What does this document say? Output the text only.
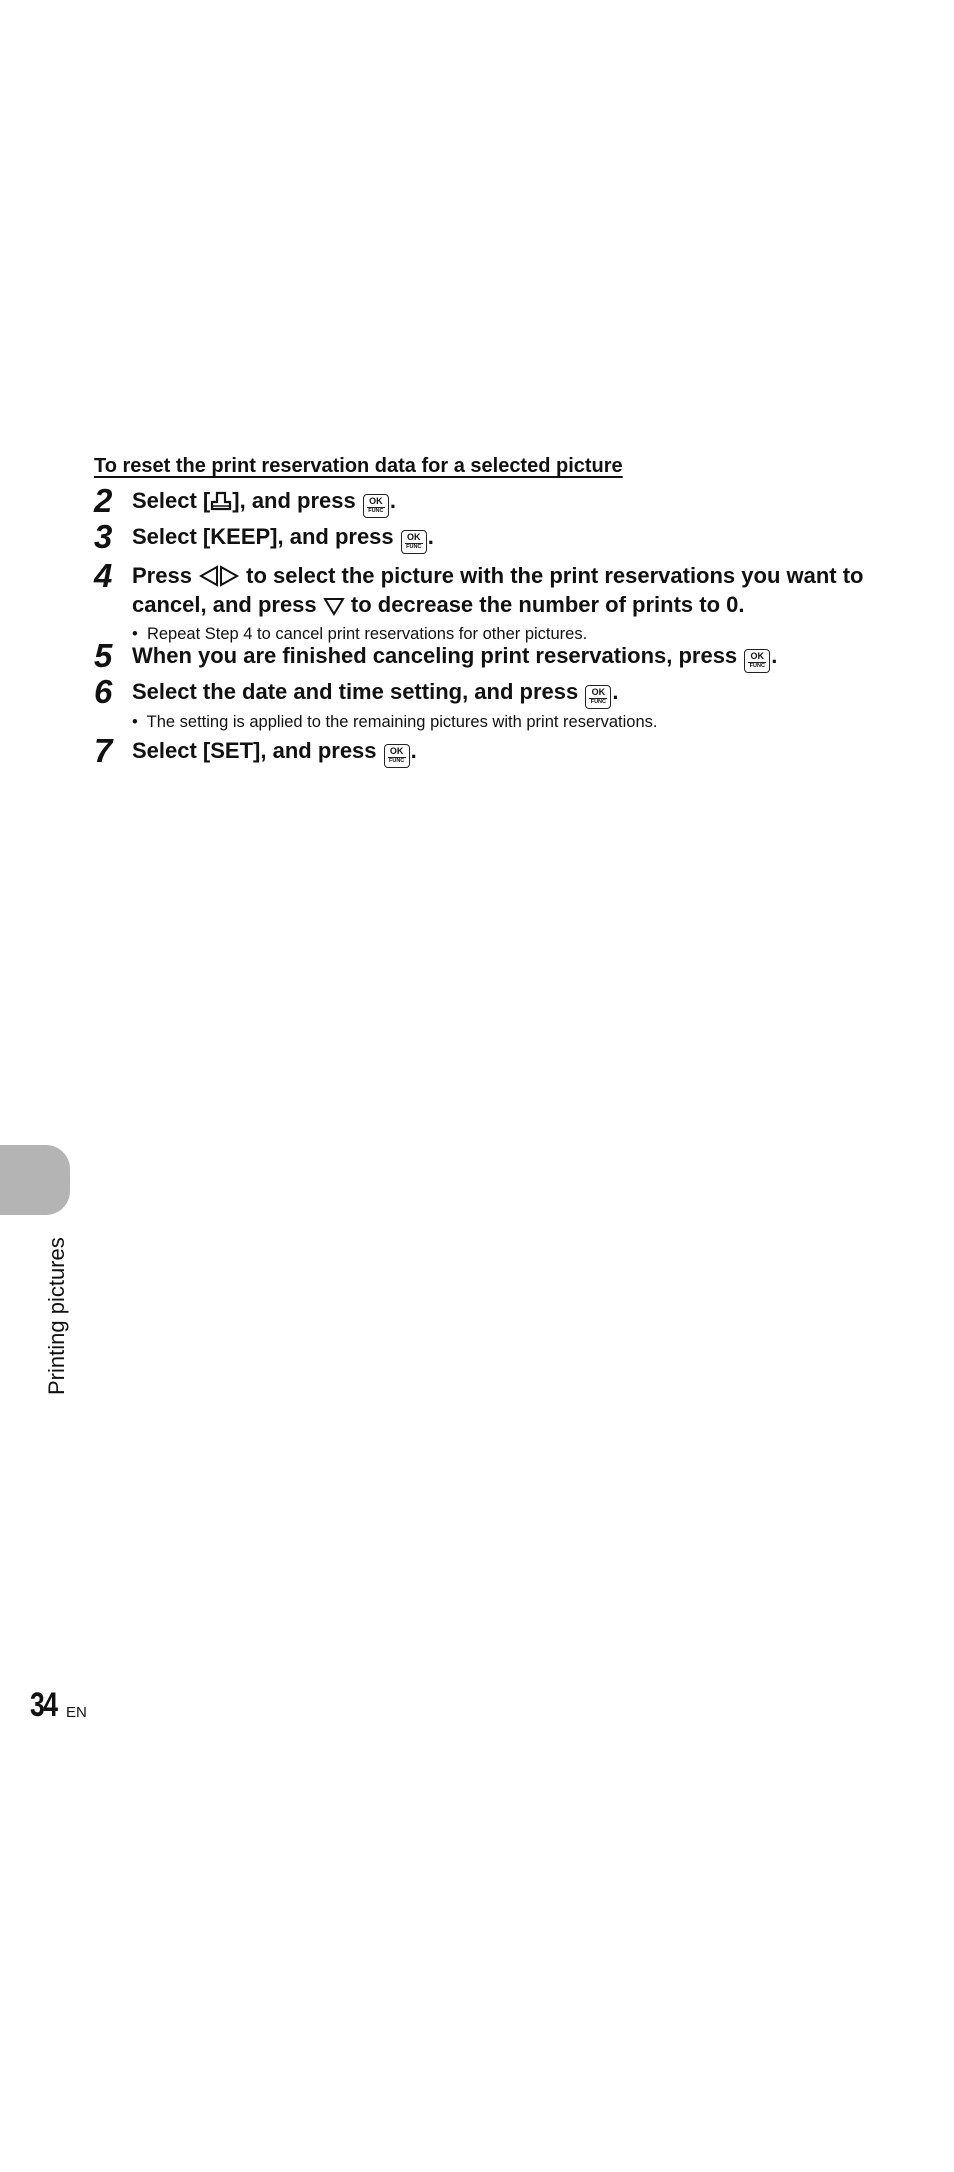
To reset the print reservation data for a selected picture
2 Select [ ], and press OK
FUNC .
3 Select [KEEP], and press OK
FUNC .
4 Press  to select the picture with the print reservations you want to cancel, and press  to decrease the number of prints to 0.
• Repeat Step 4 to cancel print reservations for other pictures.
5 When you are finished canceling print reservations, press OK
FUNC .
6 Select the date and time setting, and press OK
FUNC .
• The setting is applied to the remaining pictures with print reservations.
7 Select [SET], and press OK
FUNC .
Printing pictures
34 EN
